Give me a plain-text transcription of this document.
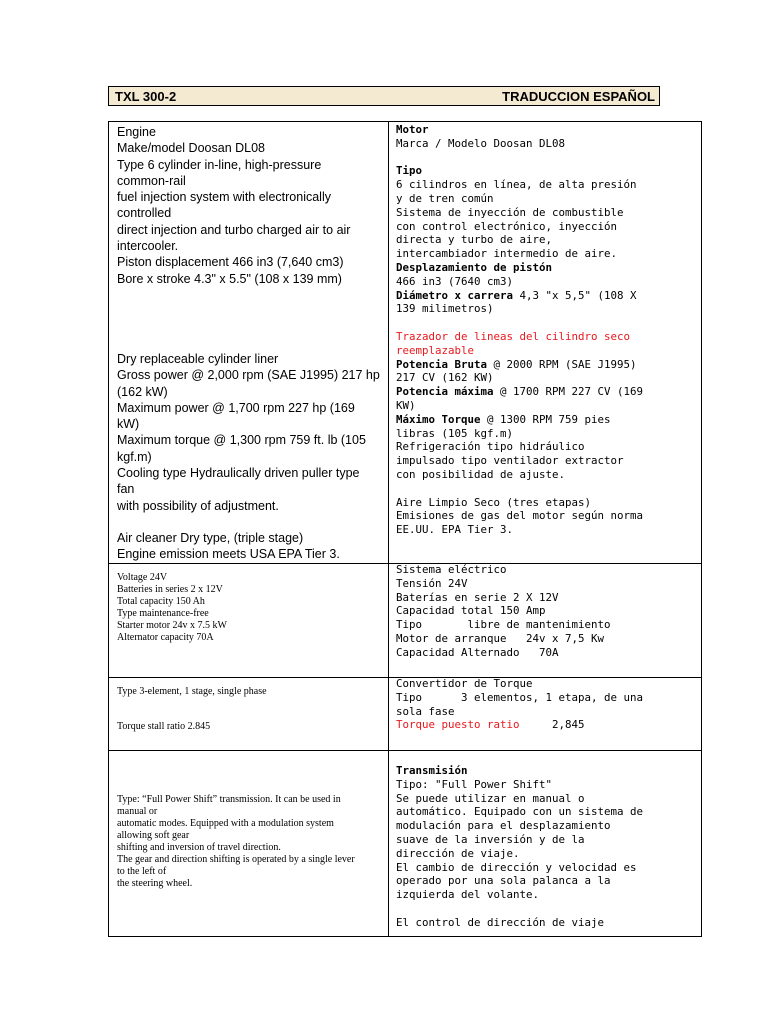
TXL 300-2	TRADUCCION ESPAÑOL
Engine
Make/model Doosan DL08
Type 6 cylinder in-line, high-pressure
common-rail
fuel injection system with electronically
controlled
direct injection and turbo charged air to air
intercooler.
Piston displacement 466 in3 (7,640 cm3)
Bore x stroke 4.3" x 5.5" (108 x 139 mm)
Dry replaceable cylinder liner
Gross power @ 2,000 rpm (SAE J1995) 217 hp
(162 kW)
Maximum power @ 1,700 rpm 227 hp (169
kW)
Maximum torque @ 1,300 rpm 759 ft. lb (105
kgf.m)
Cooling type Hydraulically driven puller type
fan
with possibility of adjustment.
Air cleaner Dry type, (triple stage)
Engine emission meets USA EPA Tier 3.
Motor
Marca / Modelo Doosan DL08
Tipo
6 cilindros en línea, de alta presión
y de tren común
Sistema de inyección de combustible
con control electrónico, inyección
directa y turbo de aire,
intercambiador intermedio de aire.
Desplazamiento de pistón
466 in3 (7640 cm3)
Diámetro x carrera 4,3 "x 5,5" (108 X
139 milimetros)
Trazador de lineas del cilindro seco
reemplazable
Potencia Bruta @ 2000 RPM (SAE J1995)
217 CV (162 KW)
Potencia máxima @ 1700 RPM 227 CV (169
KW)
Máximo Torque @ 1300 RPM 759 pies
libras (105 kgf.m)
Refrigeración tipo hidráulico
impulsado tipo ventilador extractor
con posibilidad de ajuste.
Aire Limpio Seco (tres etapas)
Emisiones de gas del motor según norma
EE.UU. EPA Tier 3.
Voltage 24V
Batteries in series 2 x 12V
Total capacity 150 Ah
Type maintenance-free
Starter motor 24v x 7.5 kW
Alternator capacity 70A
Sistema eléctrico
Tensión 24V
Baterías en serie 2 X 12V
Capacidad total 150 Amp
Tipo       libre de mantenimiento
Motor de arranque   24v x 7,5 Kw
Capacidad Alternado   70A
Type 3-element, 1 stage, single phase
Torque stall ratio 2.845
Convertidor de Torque
Tipo      3 elementos, 1 etapa, de una
sola fase
Torque puesto ratio     2,845
Type: “Full Power Shift” transmission. It can be used in
manual or
automatic modes. Equipped with a modulation system
allowing soft gear
shifting and inversion of travel direction.
The gear and direction shifting is operated by a single lever
to the left of
the steering wheel.
Transmisión
Tipo: "Full Power Shift"
Se puede utilizar en manual o
automático. Equipado con un sistema de
modulación para el desplazamiento
suave de la inversión y de la
dirección de viaje.
El cambio de dirección y velocidad es
operado por una sola palanca a la
izquierda del volante.
El control de dirección de viaje
